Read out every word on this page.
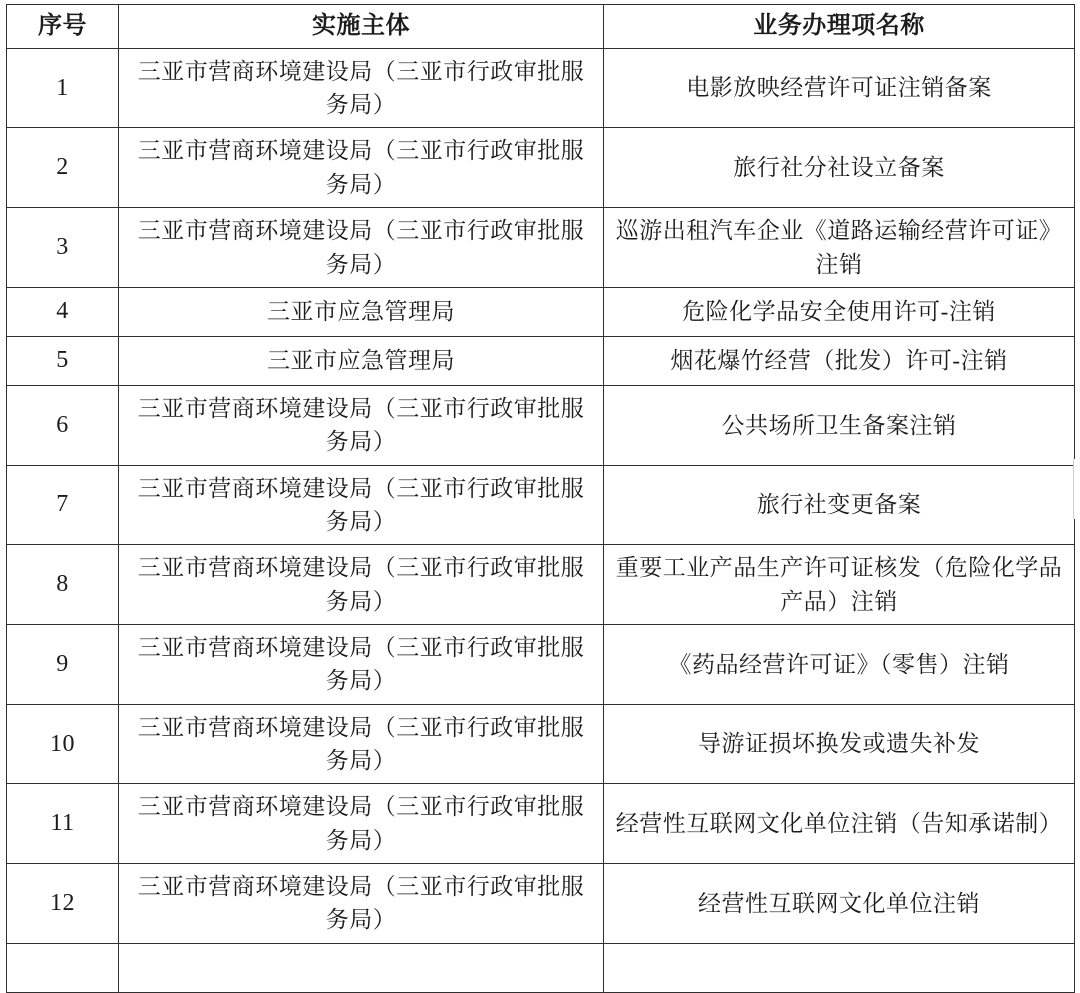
序号	实施主体	业务办理项名称
1	三亚市营商环境建设局（三亚市行政审批服务局）	电影放映经营许可证注销备案
2	三亚市营商环境建设局（三亚市行政审批服务局）	旅行社分社设立备案
3	三亚市营商环境建设局（三亚市行政审批服务局）	巡游出租汽车企业《道路运输经营许可证》注销
4	三亚市应急管理局	危险化学品安全使用许可-注销
5	三亚市应急管理局	烟花爆竹经营（批发）许可-注销
6	三亚市营商环境建设局（三亚市行政审批服务局）	公共场所卫生备案注销
7	三亚市营商环境建设局（三亚市行政审批服务局）	旅行社变更备案
8	三亚市营商环境建设局（三亚市行政审批服务局）	重要工业产品生产许可证核发（危险化学品产品）注销
9	三亚市营商环境建设局（三亚市行政审批服务局）	《药品经营许可证》（零售）注销
10	三亚市营商环境建设局（三亚市行政审批服务局）	导游证损坏换发或遗失补发
11	三亚市营商环境建设局（三亚市行政审批服务局）	经营性互联网文化单位注销（告知承诺制）
12	三亚市营商环境建设局（三亚市行政审批服务局）	经营性互联网文化单位注销
